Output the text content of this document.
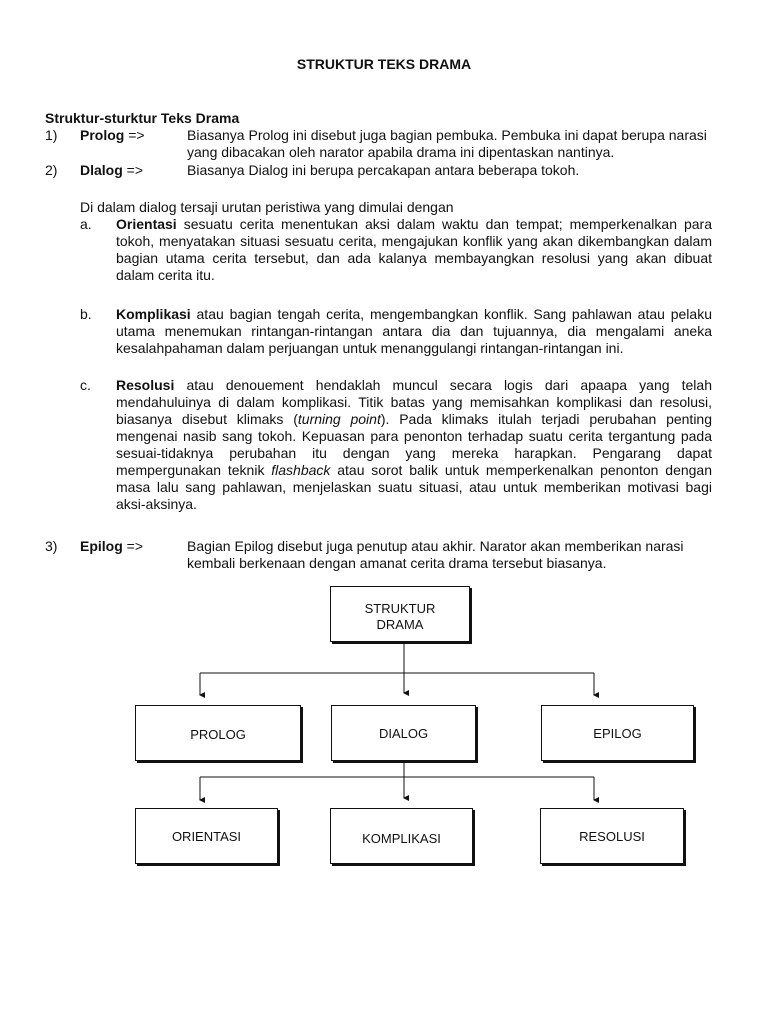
STRUKTUR TEKS DRAMA
Struktur-sturktur Teks Drama
1) Prolog =>	Biasanya Prolog ini disebut juga bagian pembuka. Pembuka ini dapat berupa narasi yang dibacakan oleh narator apabila drama ini dipentaskan nantinya.
2) Dlalog =>	Biasanya Dialog ini berupa percakapan antara beberapa tokoh.
Di dalam dialog tersaji urutan peristiwa yang dimulai dengan
a. Orientasi sesuatu cerita menentukan aksi dalam waktu dan tempat; memperkenalkan para tokoh, menyatakan situasi sesuatu cerita, mengajukan konflik yang akan dikembangkan dalam bagian utama cerita tersebut, dan ada kalanya membayangkan resolusi yang akan dibuat dalam cerita itu.
b. Komplikasi atau bagian tengah cerita, mengembangkan konflik. Sang pahlawan atau pelaku utama menemukan rintangan-rintangan antara dia dan tujuannya, dia mengalami aneka kesalahpahaman dalam perjuangan untuk menanggulangi rintangan-rintangan ini.
c. Resolusi atau denouement hendaklah muncul secara logis dari apaapa yang telah mendahuluinya di dalam komplikasi. Titik batas yang memisahkan komplikasi dan resolusi, biasanya disebut klimaks (turning point). Pada klimaks itulah terjadi perubahan penting mengenai nasib sang tokoh. Kepuasan para penonton terhadap suatu cerita tergantung pada sesuai-tidaknya perubahan itu dengan yang mereka harapkan. Pengarang dapat mempergunakan teknik flashback atau sorot balik untuk memperkenalkan penonton dengan masa lalu sang pahlawan, menjelaskan suatu situasi, atau untuk memberikan motivasi bagi aksi-aksinya.
3) Epilog =>	Bagian Epilog disebut juga penutup atau akhir. Narator akan memberikan narasi kembali berkenaan dengan amanat cerita drama tersebut biasanya.
STRUKTUR
DRAMA
PROLOG	DIALOG	EPILOG
ORIENTASI	KOMPLIKASI	RESOLUSI
